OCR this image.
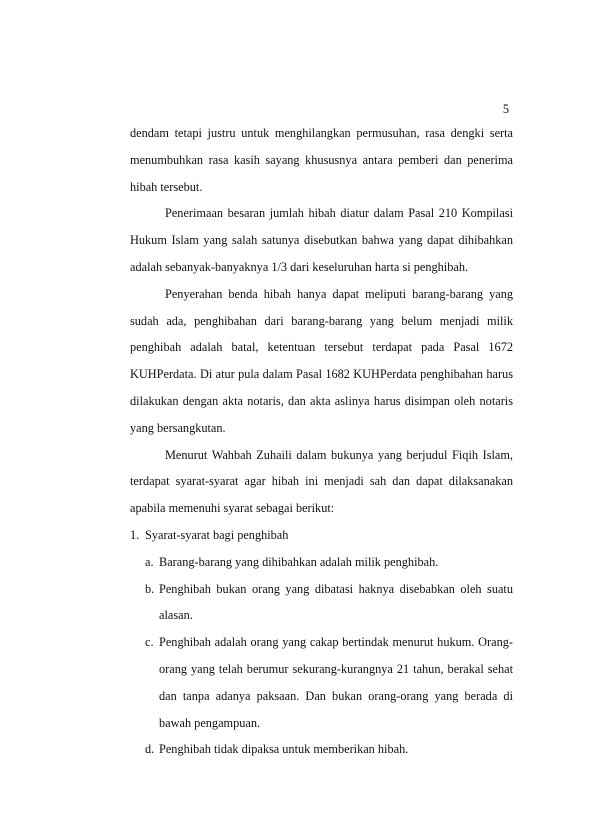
5

dendam tetapi justru untuk menghilangkan permusuhan, rasa dengki serta menumbuhkan rasa kasih sayang khususnya antara pemberi dan penerima hibah tersebut.

Penerimaan besaran jumlah hibah diatur dalam Pasal 210 Kompilasi Hukum Islam yang salah satunya disebutkan bahwa yang dapat dihibahkan adalah sebanyak-banyaknya 1/3 dari keseluruhan harta si penghibah.

Penyerahan benda hibah hanya dapat meliputi barang-barang yang sudah ada, penghibahan dari barang-barang yang belum menjadi milik penghibah adalah batal, ketentuan tersebut terdapat pada Pasal 1672 KUHPerdata. Di atur pula dalam Pasal 1682 KUHPerdata penghibahan harus dilakukan dengan akta notaris, dan akta aslinya harus disimpan oleh notaris yang bersangkutan.

Menurut Wahbah Zuhaili dalam bukunya yang berjudul Fiqih Islam, terdapat syarat-syarat agar hibah ini menjadi sah dan dapat dilaksanakan apabila memenuhi syarat sebagai berikut:

1. Syarat-syarat bagi penghibah
a. Barang-barang yang dihibahkan adalah milik penghibah.
b. Penghibah bukan orang yang dibatasi haknya disebabkan oleh suatu alasan.
c. Penghibah adalah orang yang cakap bertindak menurut hukum. Orang-orang yang telah berumur sekurang-kurangnya 21 tahun, berakal sehat dan tanpa adanya paksaan. Dan bukan orang-orang yang berada di bawah pengampuan.
d. Penghibah tidak dipaksa untuk memberikan hibah.
